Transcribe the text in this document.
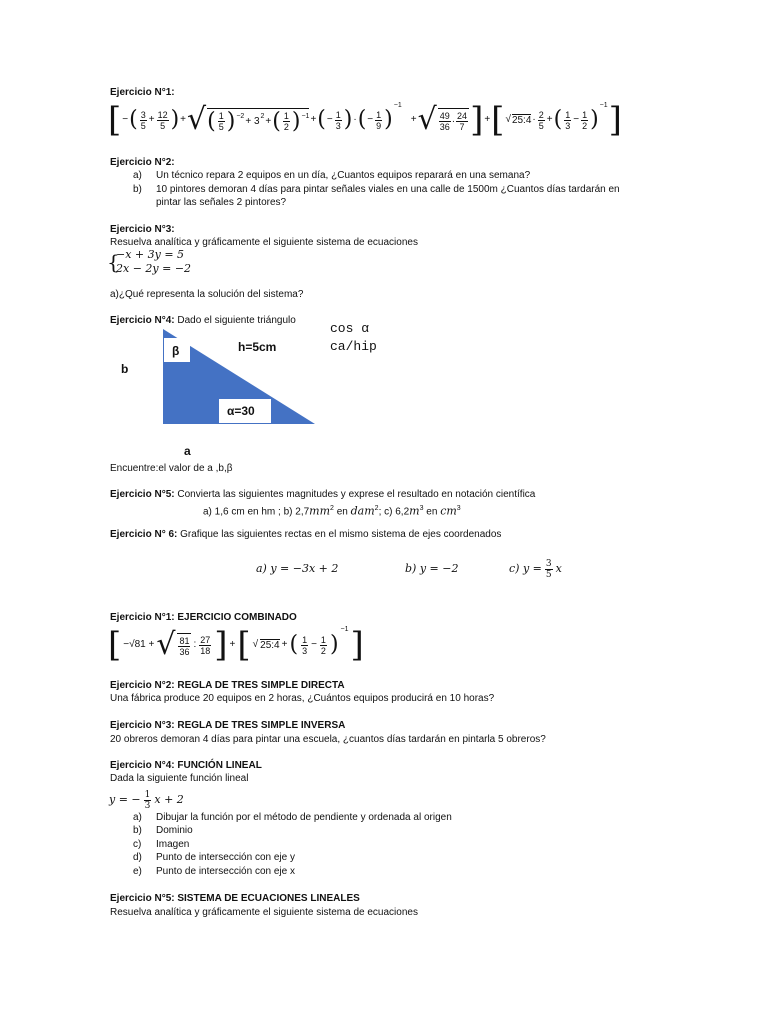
Ejercicio N°1:
[ − ( $\frac{3}{5} + \frac{12}{5}$ ) + √ ( $\frac{1}{5} )^{-2} + 3^2$ + ( $\frac{1}{2} )^{-1}$ + ( − $\frac{1}{3}$ ) · ( − $\frac{1}{9}$ )
$^{-1}$
+ √ $\frac{49}{36} \cdot \frac{24}{7}$ ] + [ √ 25:4 · $\frac{2}{5}$ + ( $\frac{1}{3} - \frac{1}{2}$ )
$^{-1}$ ]
Ejercicio N°2:
a) Un técnico repara 2 equipos en un día, ¿Cuantos equipos reparará en una semana?
b) 10 pintores demoran 4 días para pintar señales viales en una calle de 1500m ¿Cuantos días tardarán en
pintar las señales 2 pintores?
Ejercicio N°3:
Resuelva analítica y gráficamente el siguiente sistema de ecuaciones
{
−x + 3y = 5
2x − 2y = −2
a)¿Qué representa la solución del sistema?
Ejercicio N°4: Dado el siguiente triángulo
cos α
ca/hip
β	h=5cm
b
α=30
a
Encuentre:el valor de a ,b,β
Ejercicio N°5: Convierta las siguientes magnitudes y exprese el resultado en notación científica
a) 1,6 cm en hm ; b) $2,7mm^2$ en dam$^2$; c) $6,2m^3$ en $cm^3$
Ejercicio N° 6: Grafique las siguientes rectas en el mismo sistema de ejes coordenados
a) y = −3x + 2	b) y = −2	c) $y = \frac{3}{5}$ x
Ejercicio N°1: EJERCICIO COMBINADO
[ −√81 + √ $\frac{81}{36}$ : $\frac{27}{18}$ ] + [ √ 25:4 + ( $\frac{1}{3} - \frac{1}{2}$ )
$^{-1}$ ]
Ejercicio N°2: REGLA DE TRES SIMPLE DIRECTA
Una fábrica produce 20 equipos en 2 horas, ¿Cuántos equipos producirá en 10 horas?
Ejercicio N°3: REGLA DE TRES SIMPLE INVERSA
20 obreros demoran 4 días para pintar una escuela, ¿cuantos días tardarán en pintarla 5 obreros?
Ejercicio N°4: FUNCIÓN LINEAL
Dada la siguiente función lineal
y = − $\frac{1}{3}$ x + 2
a) Dibujar la función por el método de pendiente y ordenada al origen
b) Dominio
c) Imagen
d) Punto de intersección con eje y
e) Punto de intersección con eje x
Ejercicio N°5: SISTEMA DE ECUACIONES LINEALES
Resuelva analítica y gráficamente el siguiente sistema de ecuaciones
